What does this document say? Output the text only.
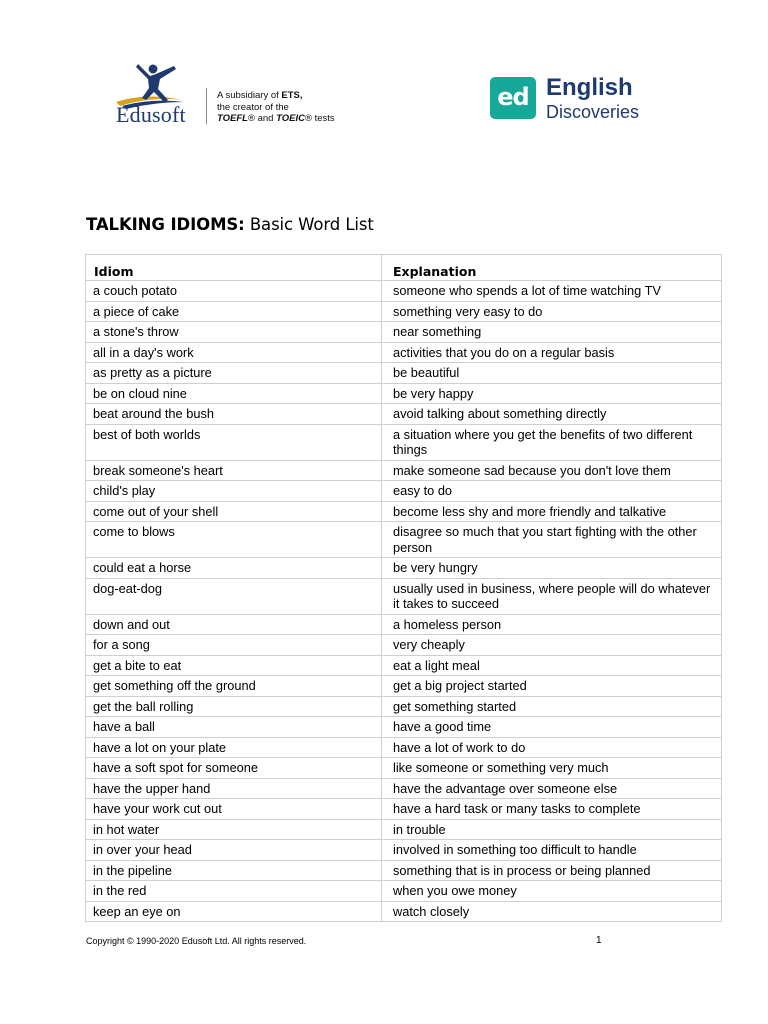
Edusoft
A subsidiary of ETS,
the creator of the
TOEFL® and TOEIC® tests
ed English
Discoveries
TALKING IDIOMS: Basic Word List
Idiom	Explanation
a couch potato	someone who spends a lot of time watching TV
a piece of cake	something very easy to do
a stone's throw	near something
all in a day's work	activities that you do on a regular basis
as pretty as a picture	be beautiful
be on cloud nine	be very happy
beat around the bush	avoid talking about something directly
best of both worlds	a situation where you get the benefits of two different things
break someone's heart	make someone sad because you don't love them
child's play	easy to do
come out of your shell	become less shy and more friendly and talkative
come to blows	disagree so much that you start fighting with the other person
could eat a horse	be very hungry
dog-eat-dog	usually used in business, where people will do whatever it takes to succeed
down and out	a homeless person
for a song	very cheaply
get a bite to eat	eat a light meal
get something off the ground	get a big project started
get the ball rolling	get something started
have a ball	have a good time
have a lot on your plate	have a lot of work to do
have a soft spot for someone	like someone or something very much
have the upper hand	have the advantage over someone else
have your work cut out	have a hard task or many tasks to complete
in hot water	in trouble
in over your head	involved in something too difficult to handle
in the pipeline	something that is in process or being planned
in the red	when you owe money
keep an eye on	watch closely
Copyright © 1990-2020 Edusoft Ltd. All rights reserved.	1
